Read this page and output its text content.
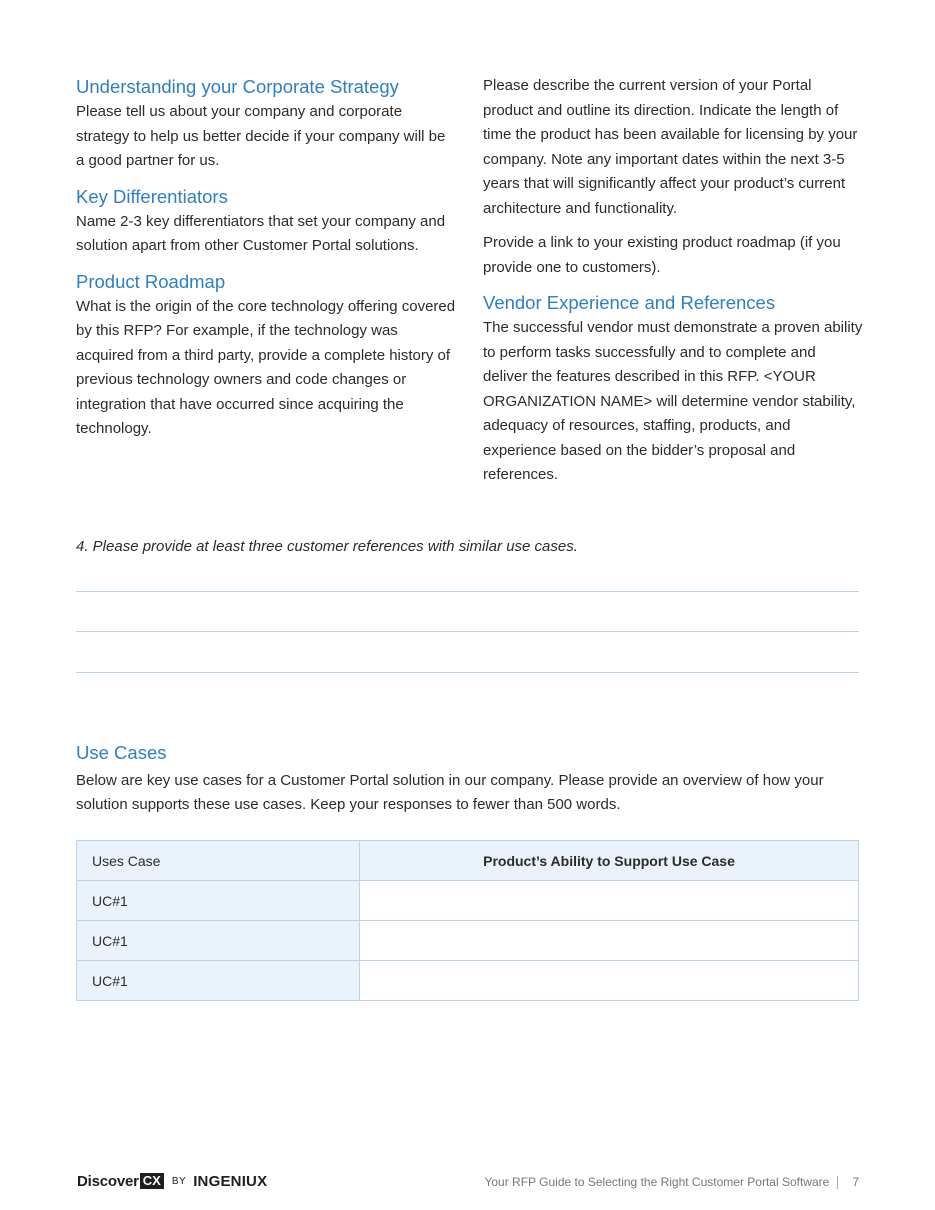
Understanding your Corporate Strategy

Please tell us about your company and corporate strategy to help us better decide if your company will be a good partner for us.

Key Differentiators

Name 2-3 key differentiators that set your company and solution apart from other Customer Portal solutions.

Product Roadmap

What is the origin of the core technology offering covered by this RFP? For example, if the technology was acquired from a third party, provide a complete history of previous technology owners and code changes or integration that have occurred since acquiring the technology.

Please describe the current version of your Portal product and outline its direction. Indicate the length of time the product has been available for licensing by your company. Note any important dates within the next 3-5 years that will significantly affect your product’s current architecture and functionality.

Provide a link to your existing product roadmap (if you provide one to customers).

Vendor Experience and References

The successful vendor must demonstrate a proven ability to perform tasks successfully and to complete and deliver the features described in this RFP. <YOUR ORGANIZATION NAME> will determine vendor stability, adequacy of resources, staffing, products, and experience based on the bidder’s proposal and references.

4. Please provide at least three customer references with similar use cases.
Use Cases

Below are key use cases for a Customer Portal solution in our company. Please provide an overview of how your solution supports these use cases. Keep your responses to fewer than 500 words.

Uses Case	Product’s Ability to Support Use Case
UC#1	
UC#1	
UC#1	
Discover CX	BY INGENIUX	Your RFP Guide to Selecting the Right Customer Portal Software 7
